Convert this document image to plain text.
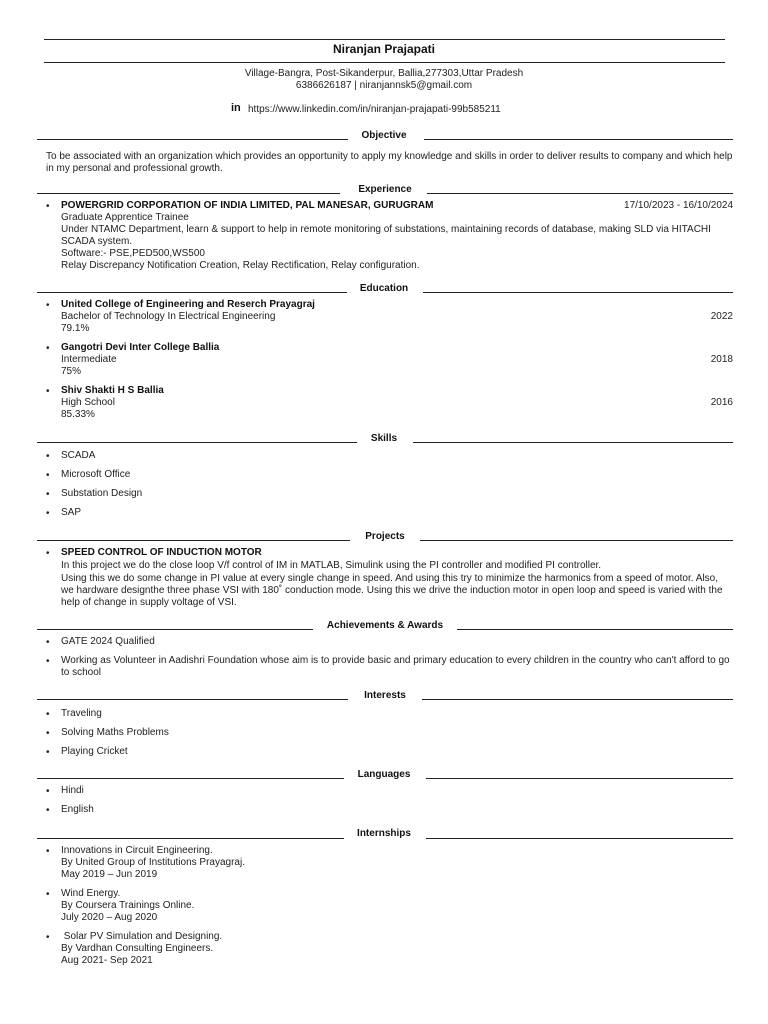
Niranjan Prajapati
Village-Bangra, Post-Sikanderpur, Ballia,277303,Uttar Pradesh
6386626187 | niranjannsk5@gmail.com
in https://www.linkedin.com/in/niranjan-prajapati-99b585211
Objective
To be associated with an organization which provides an opportunity to apply my knowledge and skills in order to deliver results to company and which help in my personal and professional growth.
Experience
•
POWERGRID CORPORATION OF INDIA LIMITED, PAL MANESAR, GURUGRAM	17/10/2023 - 16/10/2024
Graduate Apprentice Trainee
Under NTAMC Department, learn & support to help in remote monitoring of substations, maintaining records of database, making SLD via HITACHI SCADA system.
Software:- PSE,PED500,WS500
Relay Discrepancy Notification Creation, Relay Rectification, Relay configuration.
Education
•
United College of Engineering and Reserch Prayagraj
Bachelor of Technology In Electrical Engineering	2022
79.1%
•
Gangotri Devi Inter College Ballia
Intermediate	2018
75%
•
Shiv Shakti H S Ballia
High School	2016
85.33%
Skills
•
SCADA
•
Microsoft Office
•
Substation Design
•
SAP
Projects
•
SPEED CONTROL OF INDUCTION MOTOR
In this project we do the close loop V/f control of IM in MATLAB, Simulink using the PI controller and modified PI controller.
Using this we do some change in PI value at every single change in speed. And using this try to minimize the harmonics from a speed of motor. Also, we hardware designthe three phase VSI with 180˚ conduction mode. Using this we drive the induction motor in open loop and speed is varied with the help of change in supply voltage of VSI.
Achievements & Awards
•
GATE 2024 Qualified
•
Working as Volunteer in Aadishri Foundation whose aim is to provide basic and primary education to every children in the country who can't afford to go to school
Interests
•
Traveling
•
Solving Maths Problems
•
Playing Cricket
Languages
•
Hindi
•
English
Internships
•
Innovations in Circuit Engineering.
By United Group of Institutions Prayagraj.
May 2019 – Jun 2019
•
Wind Energy.
By Coursera Trainings Online.
July 2020 – Aug 2020
•
Solar PV Simulation and Designing.
By Vardhan Consulting Engineers.
Aug 2021- Sep 2021
